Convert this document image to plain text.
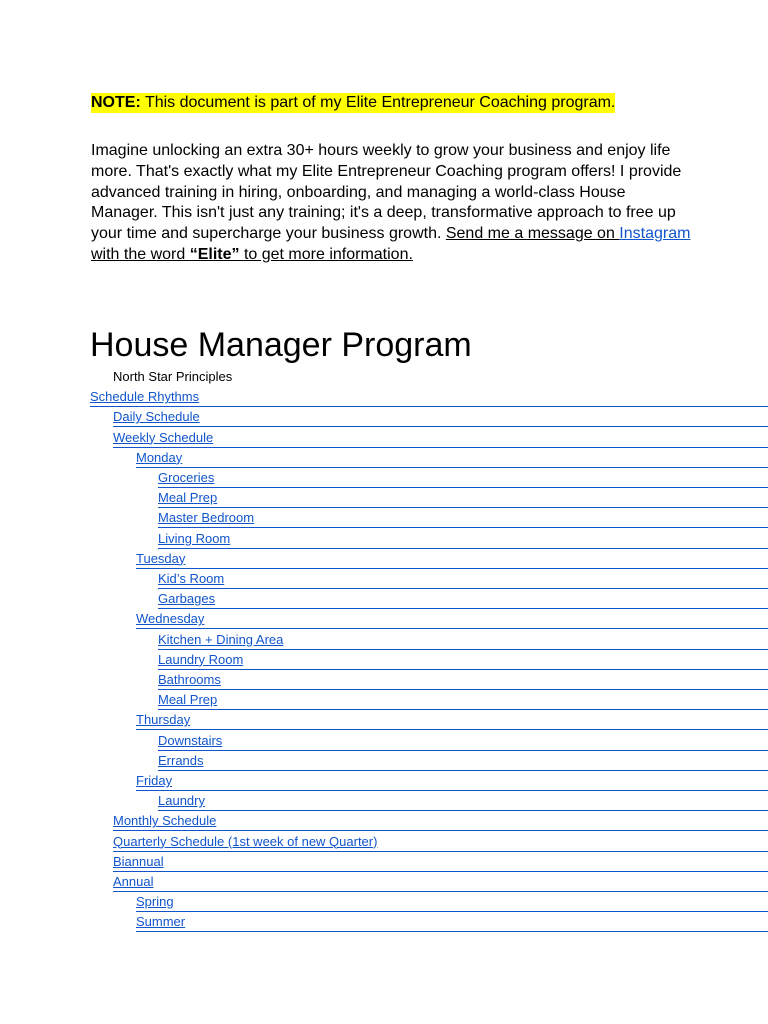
NOTE: This document is part of my Elite Entrepreneur Coaching program.
Imagine unlocking an extra 30+ hours weekly to grow your business and enjoy life more. That's exactly what my Elite Entrepreneur Coaching program offers! I provide advanced training in hiring, onboarding, and managing a world-class House Manager. This isn't just any training; it's a deep, transformative approach to free up your time and supercharge your business growth. Send me a message on Instagram with the word “Elite” to get more information.
House Manager Program
North Star Principles
Schedule Rhythms
Daily Schedule
Weekly Schedule
Monday
Groceries
Meal Prep
Master Bedroom
Living Room
Tuesday
Kid’s Room
Garbages
Wednesday
Kitchen + Dining Area
Laundry Room
Bathrooms
Meal Prep
Thursday
Downstairs
Errands
Friday
Laundry
Monthly Schedule
Quarterly Schedule (1st week of new Quarter)
Biannual
Annual
Spring
Summer
